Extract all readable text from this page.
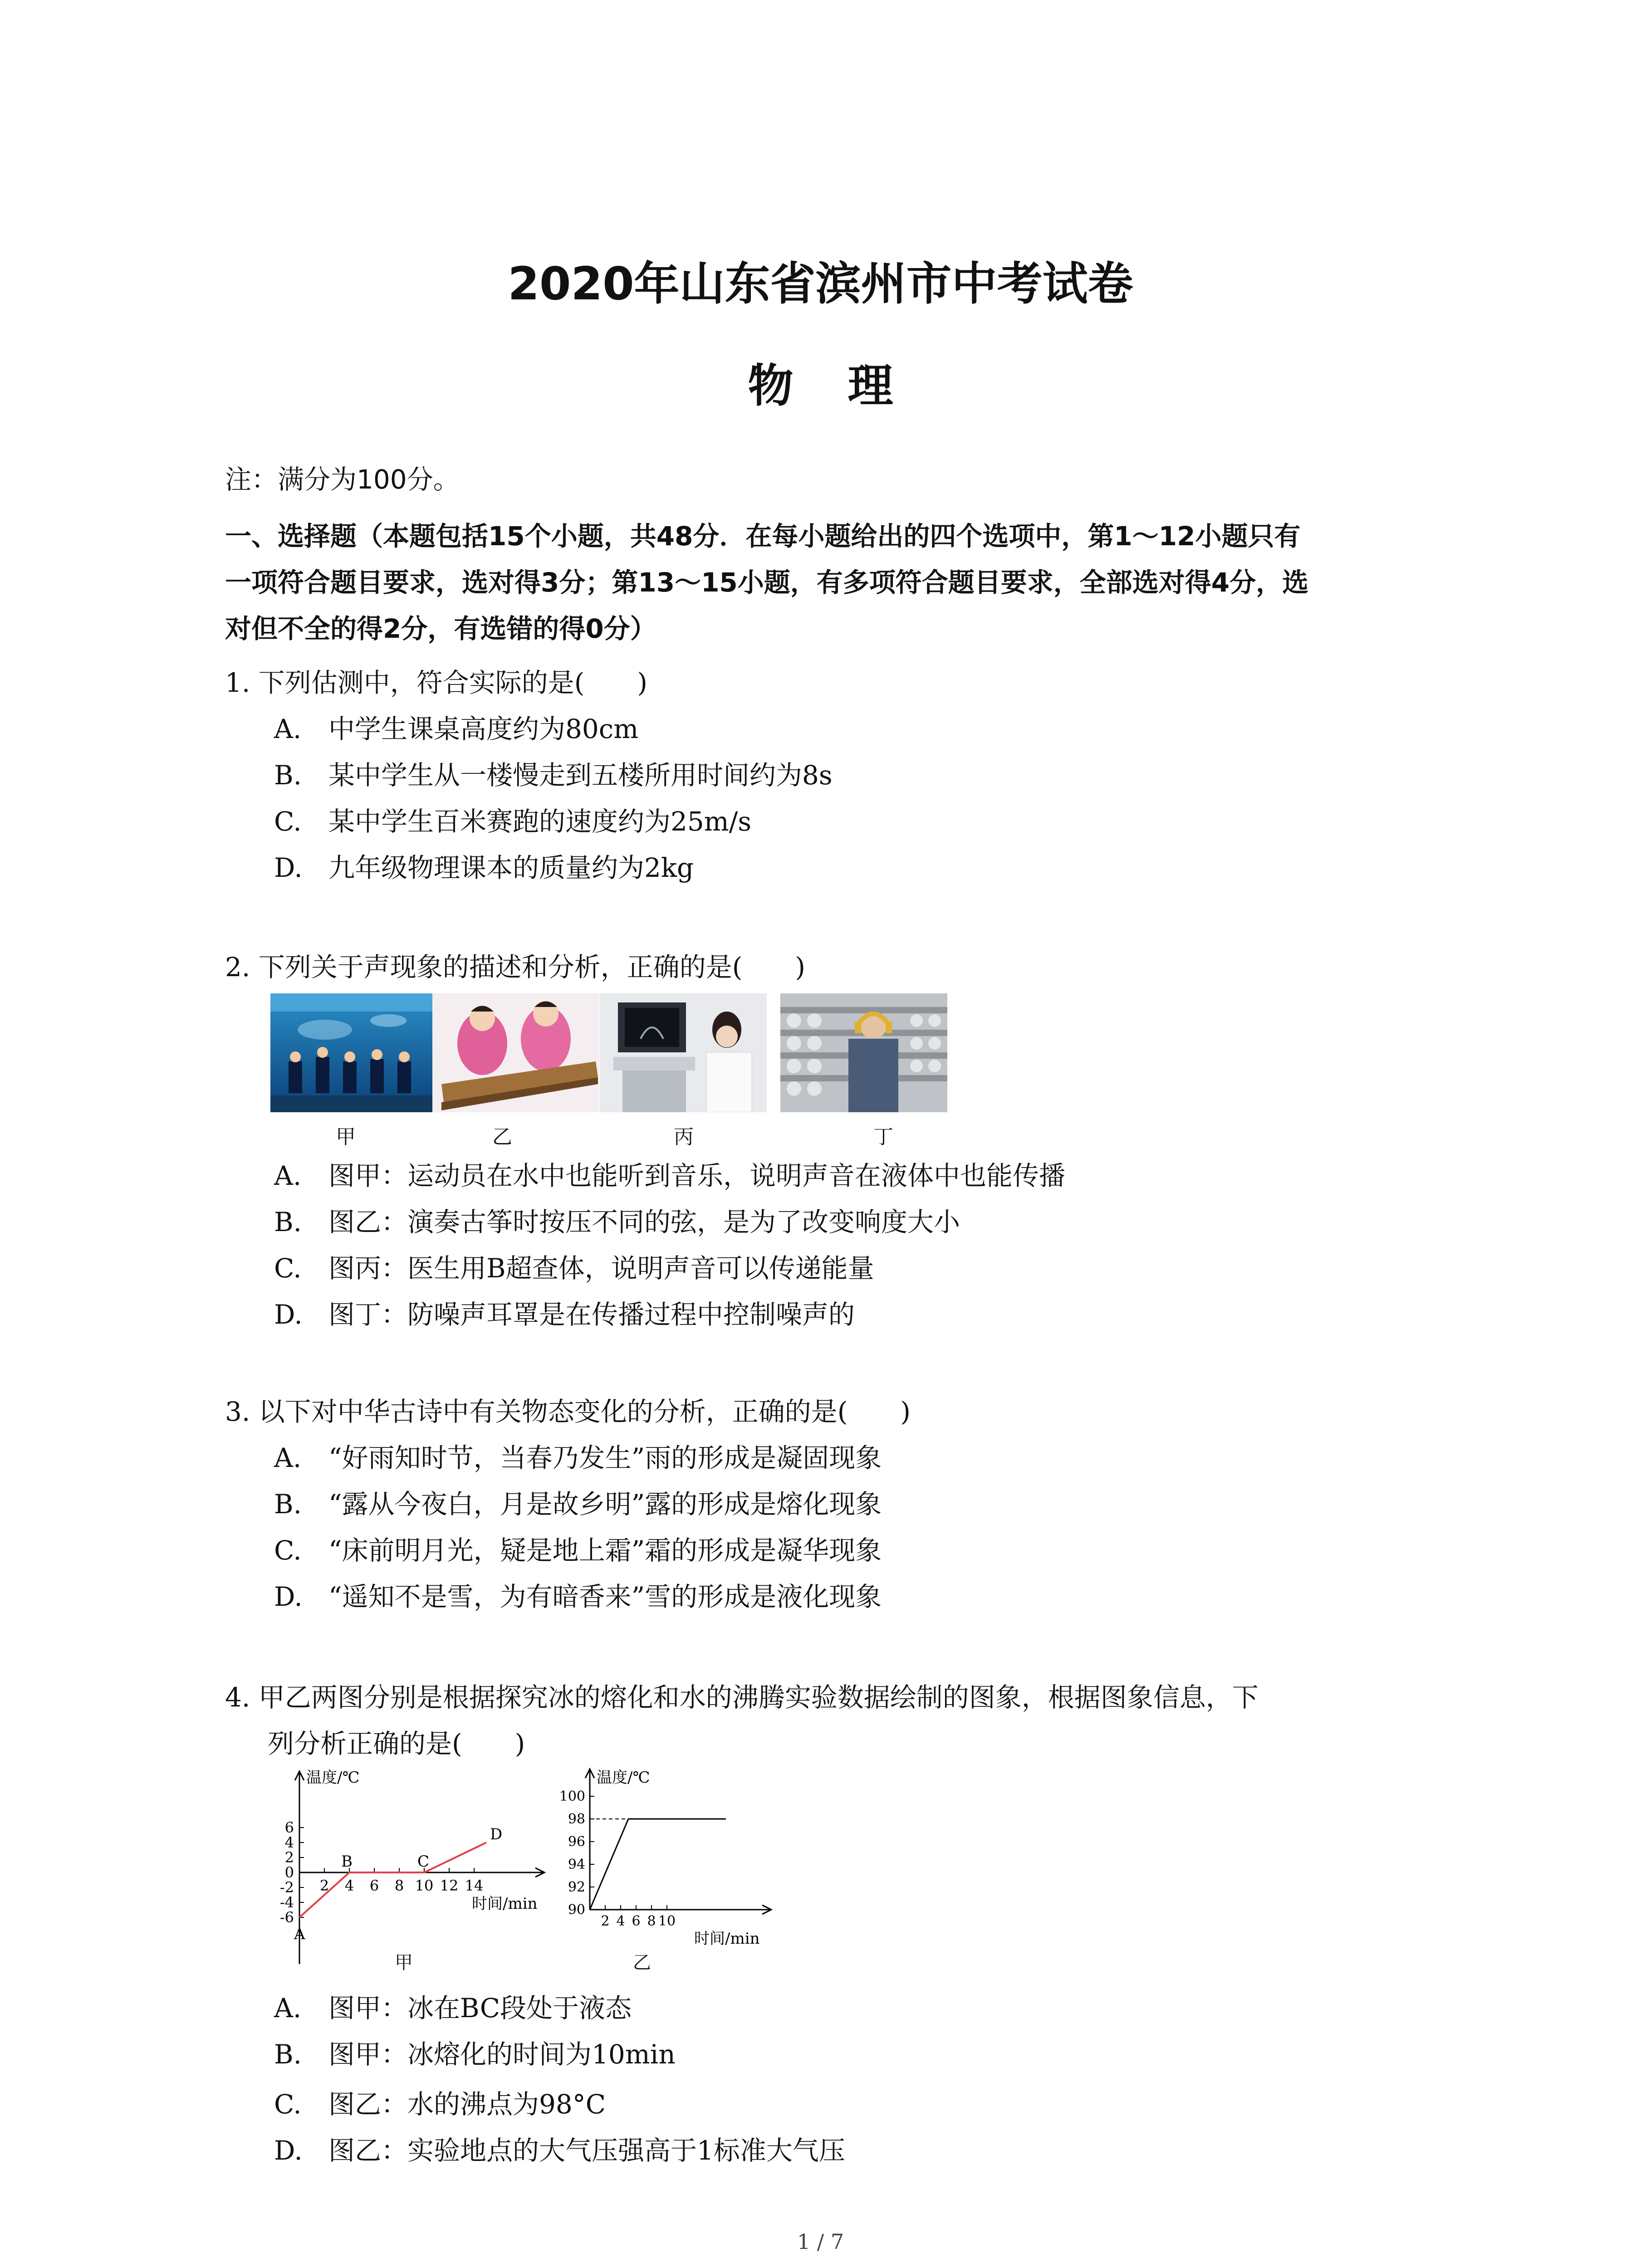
2020年山东省滨州市中考试卷
物理
注：满分为100分。
一、选择题（本题包括15个小题，共48分．在每小题给出的四个选项中，第1～12小题只有
一项符合题目要求，选对得3分；第13～15小题，有多项符合题目要求，全部选对得4分，选
对但不全的得2分，有选错的得0分）
1. 下列估测中，符合实际的是(　　)
A. 中学生课桌高度约为80cm
B. 某中学生从一楼慢走到五楼所用时间约为8s
C. 某中学生百米赛跑的速度约为25m/s
D. 九年级物理课本的质量约为2kg
2. 下列关于声现象的描述和分析，正确的是(　　)
甲	乙	丙	丁
A. 图甲：运动员在水中也能听到音乐，说明声音在液体中也能传播
B. 图乙：演奏古筝时按压不同的弦，是为了改变响度大小
C. 图丙：医生用B超查体，说明声音可以传递能量
D. 图丁：防噪声耳罩是在传播过程中控制噪声的
3. 以下对中华古诗中有关物态变化的分析，正确的是(　　)
A. “好雨知时节，当春乃发生”雨的形成是凝固现象
B. “露从今夜白，月是故乡明”露的形成是熔化现象
C. “床前明月光，疑是地上霜”霜的形成是凝华现象
D. “遥知不是雪，为有暗香来”雪的形成是液化现象
4. 甲乙两图分别是根据探究冰的熔化和水的沸腾实验数据绘制的图象，根据图象信息，下
列分析正确的是(　　)
6
4
2
0
-2
-4
-6
2 4 6 8 10 12 14
A
B	C
D
温度/℃
时间/min
甲
100
98
96
94
92
90
2 4 6 8 10
温度/℃
时间/min
乙
A. 图甲：冰在BC段处于液态
B. 图甲：冰熔化的时间为10min
C. 图乙：水的沸点为98°C
D. 图乙：实验地点的大气压强高于1标准大气压
1 / 7
